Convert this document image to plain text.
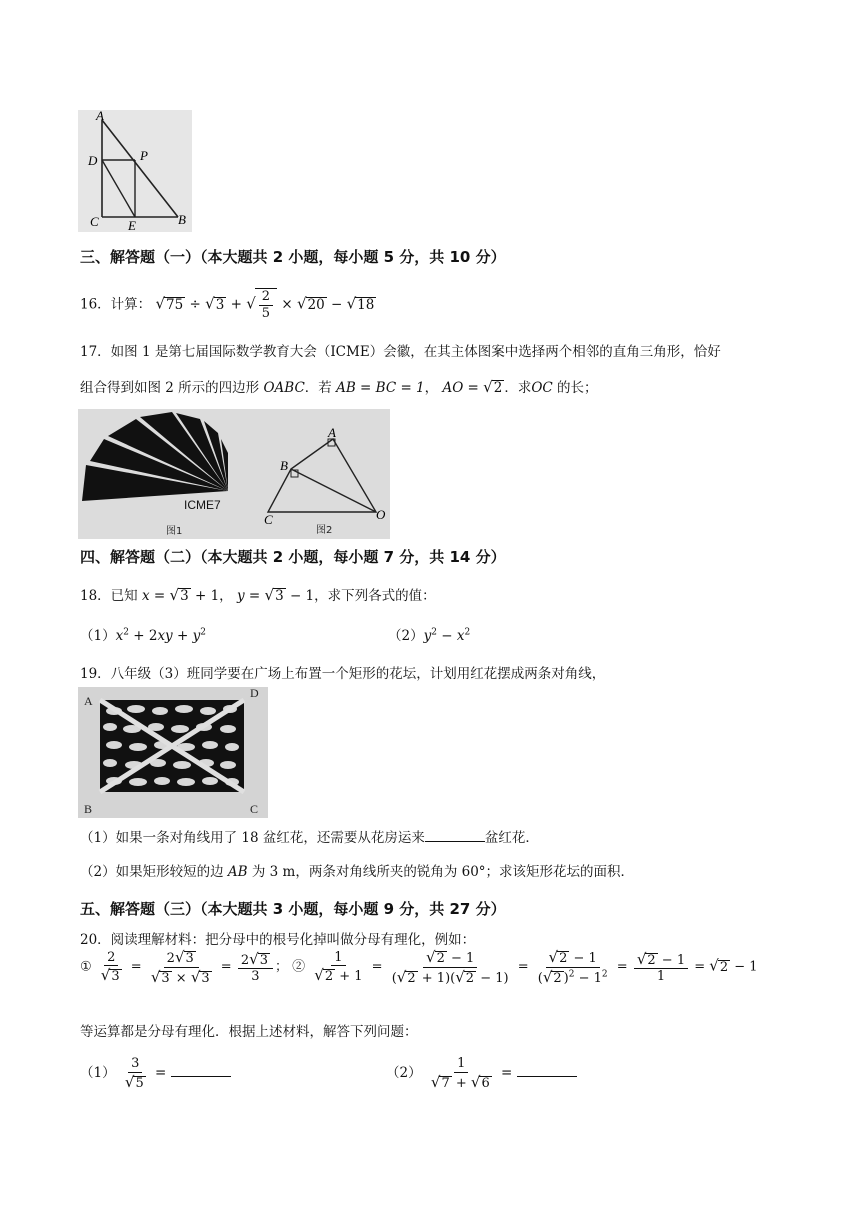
A
D	P
C E	B
三、解答题（一）（本大题共 2 小题，每小题 5 分，共 10 分）
16．计算： √75 ÷ √3 + √ $\frac{2}{5} \times √20 - √18$
17．如图 1 是第七届国际数学教育大会（ICME）会徽，在其主体图案中选择两个相邻的直角三角形，恰好
组合得到如图 2 所示的四边形 OABC．若 AB = BC = 1， AO = √2 ．求OC 的长；
ICME7
图1
A
B
C	O
图2
四、解答题（二）（本大题共 2 小题，每小题 7 分，共 14 分）
18．已知 x = √3 + 1， y = √3 − 1，求下列各式的值：
$(1)x^2 + 2xy + y^2$	$(2)y^2 - x^2$
19．八年级（3）班同学要在广场上布置一个矩形的花坛，计划用红花摆成两条对角线，
A
D
B	C
（1）如果一条对角线用了 18 盆红花，还需要从花房运来	盆红花．
（2）如果矩形较短的边 AB 为 3 m，两条对角线所夹的锐角为 60°；求该矩形花坛的面积．
五、解答题（三）（本大题共 3 小题，每小题 9 分，共 27 分）
20．阅读理解材料：把分母中的根号化掉叫做分母有理化，例如：
① $\frac{2}{√3} = \frac{2√3}{√3 \times √3} = \frac{2√3}{3}$ ； ② $\frac{1}{√2 + 1} = \frac{√2 - 1}{(√2 + 1)(√2 - 1)} = \frac{√2 - 1}{(√2 )^2 - 1^2} = \frac{√2 - 1}{1} = √2 - 1$
等运算都是分母有理化．根据上述材料，解答下列问题：
$(1) \frac{3}{√5}$ =	$(2) \frac{1}{√7 + √6}$ =
